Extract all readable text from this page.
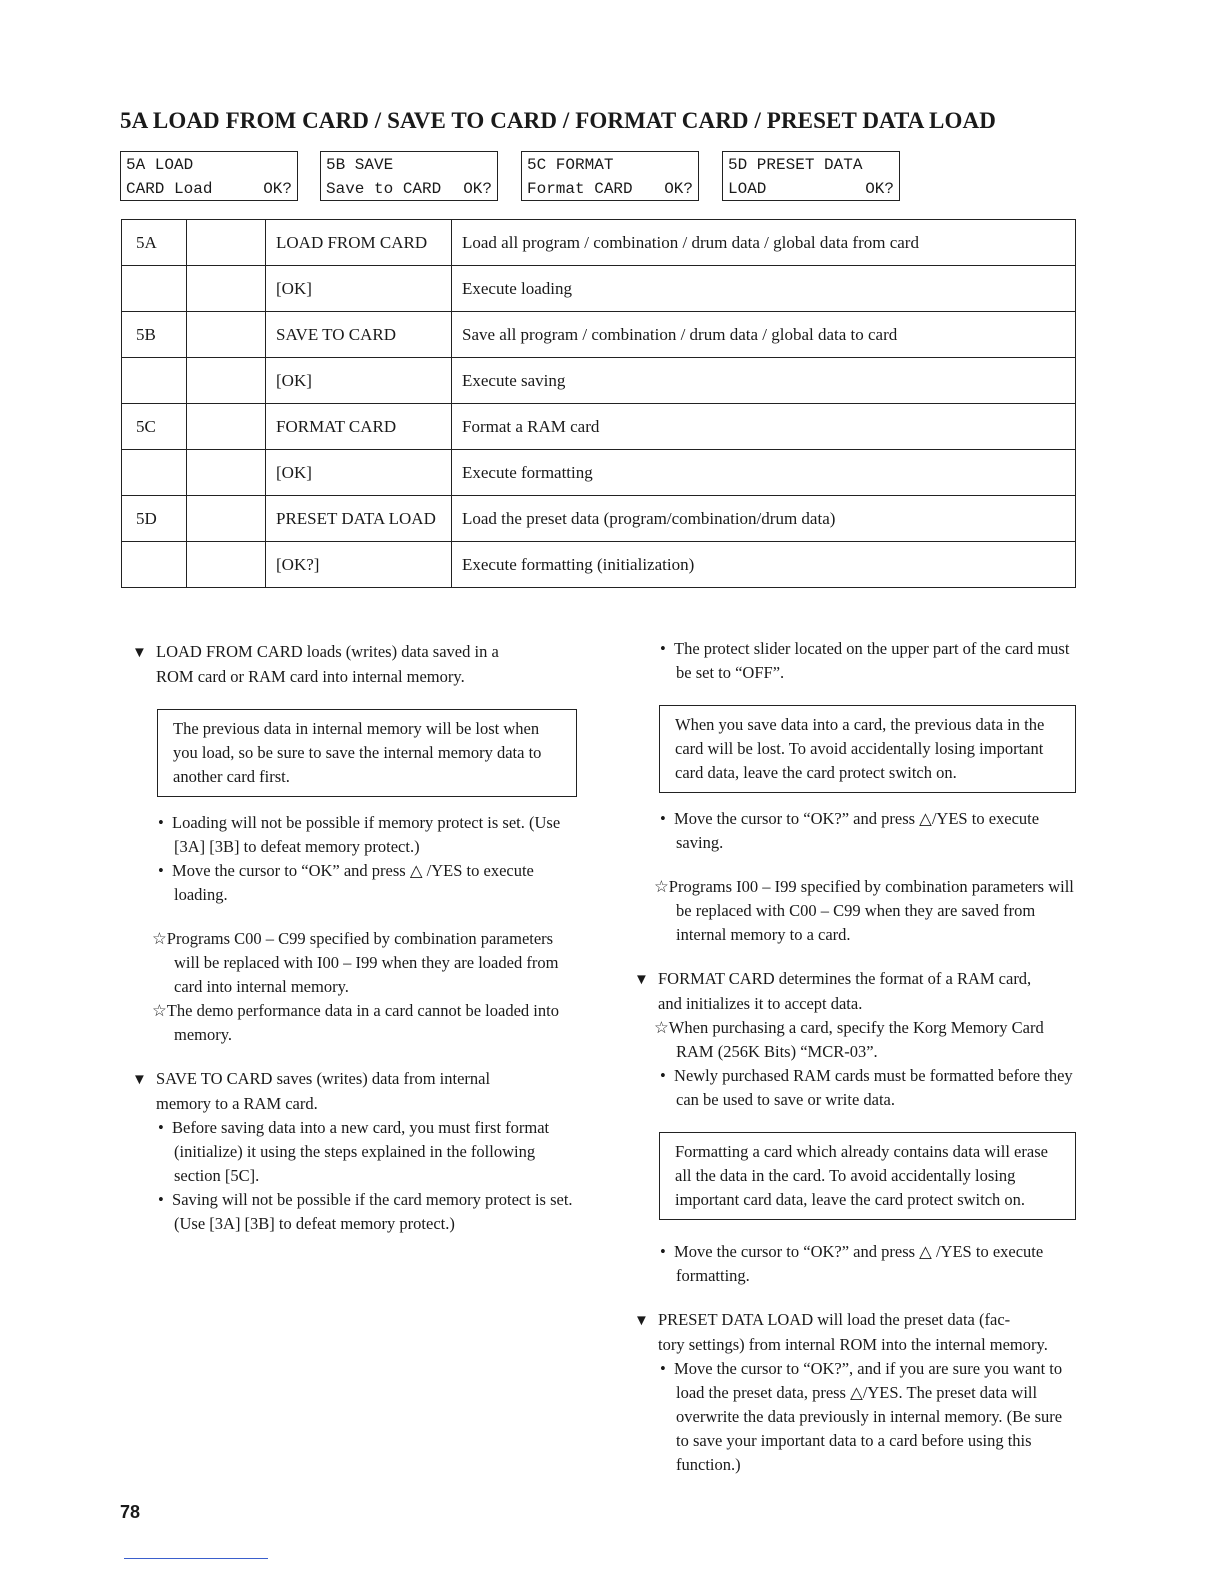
5A LOAD FROM CARD / SAVE TO CARD / FORMAT CARD / PRESET DATA LOAD
5A LOAD
CARD Load	OK?
5B SAVE
Save to CARD OK?
5C FORMAT
Format CARD OK?
5D PRESET DATA
LOAD	OK?
5A		LOAD FROM CARD	Load all program / combination / drum data / global data from card
		[OK]	Execute loading
5B		SAVE TO CARD	Save all program / combination / drum data / global data to card
		[OK]	Execute saving
5C		FORMAT CARD	Format a RAM card
		[OK]	Execute formatting
5D		PRESET DATA LOAD	Load the preset data (program/combination/drum data)
		[OK?]	Execute formatting (initialization)

▼ LOAD FROM CARD loads (writes) data saved in a

ROM card or RAM card into internal memory.

The previous data in internal memory will be lost when you load, so be sure to save the internal memory data to another card first.

•  Loading will not be possible if memory protect is set. (Use [3A] [3B] to defeat memory protect.)

•  Move the cursor to “OK” and press △ /YES to execute loading.

☆Programs C00 – C99 specified by combination parameters will be replaced with I00 – I99 when they are loaded from card into internal memory.

☆The demo performance data in a card cannot be loaded into memory.

▼ SAVE TO CARD saves (writes) data from internal

memory to a RAM card.

•  Before saving data into a new card, you must first format (initialize) it using the steps explained in the following section [5C].

•  Saving will not be possible if the card memory protect is set. (Use [3A] [3B] to defeat memory protect.)

•  The protect slider located on the upper part of the card must be set to “OFF”.

When you save data into a card, the previous data in the card will be lost. To avoid accidentally losing important card data, leave the card protect switch on.

•  Move the cursor to “OK?” and press △/YES to execute saving.

☆Programs I00 – I99 specified by combination parameters will be replaced with C00 – C99 when they are saved from internal memory to a card.

▼ FORMAT CARD determines the format of a RAM card,

and initializes it to accept data.

☆When purchasing a card, specify the Korg Memory Card RAM (256K Bits) “MCR-03”.

•  Newly purchased RAM cards must be formatted before they can be used to save or write data.

Formatting a card which already contains data will erase all the data in the card. To avoid accidentally losing important card data, leave the card protect switch on.

•  Move the cursor to “OK?” and press △ /YES to execute formatting.

▼ PRESET DATA LOAD will load the preset data (fac-

tory settings) from internal ROM into the internal memory.

•  Move the cursor to “OK?”, and if you are sure you want to load the preset data, press △/YES. The preset data will overwrite the data previously in internal memory. (Be sure to save your important data to a card before using this function.)

78
